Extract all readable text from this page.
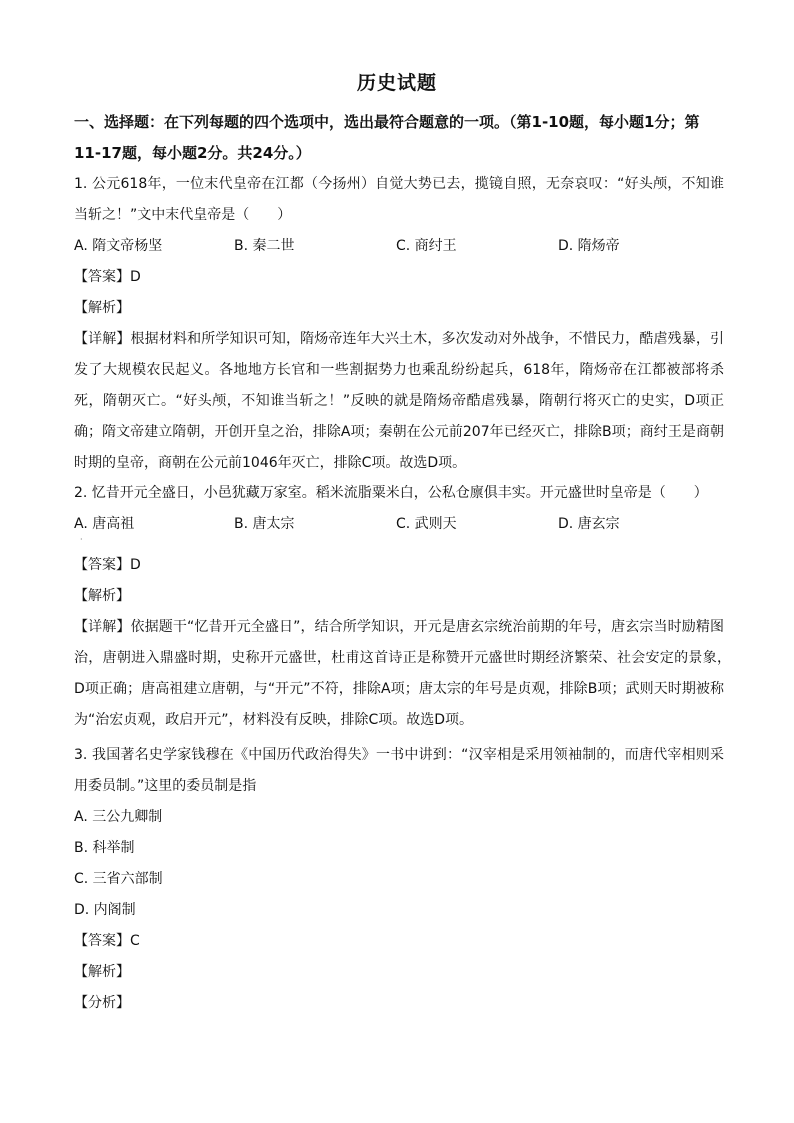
历史试题
一、选择题：在下列每题的四个选项中，选出最符合题意的一项。（第1-10题，每小题1分；第11-17题，每小题2分。共24分。）

1. 公元618年，一位末代皇帝在江都（今扬州）自觉大势已去，揽镜自照，无奈哀叹：“好头颅，不知谁当斩之！”文中末代皇帝是（　　）

A. 隋文帝杨坚	B. 秦二世	C. 商纣王	D. 隋炀帝

【答案】D

【解析】

【详解】根据材料和所学知识可知，隋炀帝连年大兴土木，多次发动对外战争，不惜民力，酷虐残暴，引发了大规模农民起义。各地地方长官和一些割据势力也乘乱纷纷起兵，618年，隋炀帝在江都被部将杀死，隋朝灭亡。“好头颅，不知谁当斩之！”反映的就是隋炀帝酷虐残暴，隋朝行将灭亡的史实，D项正确；隋文帝建立隋朝，开创开皇之治，排除A项；秦朝在公元前207年已经灭亡，排除B项；商纣王是商朝时期的皇帝，商朝在公元前1046年灭亡，排除C项。故选D项。

2. 忆昔开元全盛日，小邑犹藏万家室。稻米流脂粟米白，公私仓廪俱丰实。开元盛世时皇帝是（　　）

A. 唐高祖	B. 唐太宗	C. 武则天	D. 唐玄宗

【答案】D

【解析】

【详解】依据题干“忆昔开元全盛日”，结合所学知识，开元是唐玄宗统治前期的年号，唐玄宗当时励精图治，唐朝进入鼎盛时期，史称开元盛世，杜甫这首诗正是称赞开元盛世时期经济繁荣、社会安定的景象，　D项正确；唐高祖建立唐朝，与“开元”不符，排除A项；唐太宗的年号是贞观，排除B项；武则天时期被称为“治宏贞观，政启开元”，材料没有反映，排除C项。故选D项。

·

3. 我国著名史学家钱穆在《中国历代政治得失》一书中讲到：“汉宰相是采用领袖制的，而唐代宰相则采用委员制。”这里的委员制是指

A. 三公九卿制

B. 科举制

C. 三省六部制

D. 内阁制

【答案】C

【解析】

【分析】
